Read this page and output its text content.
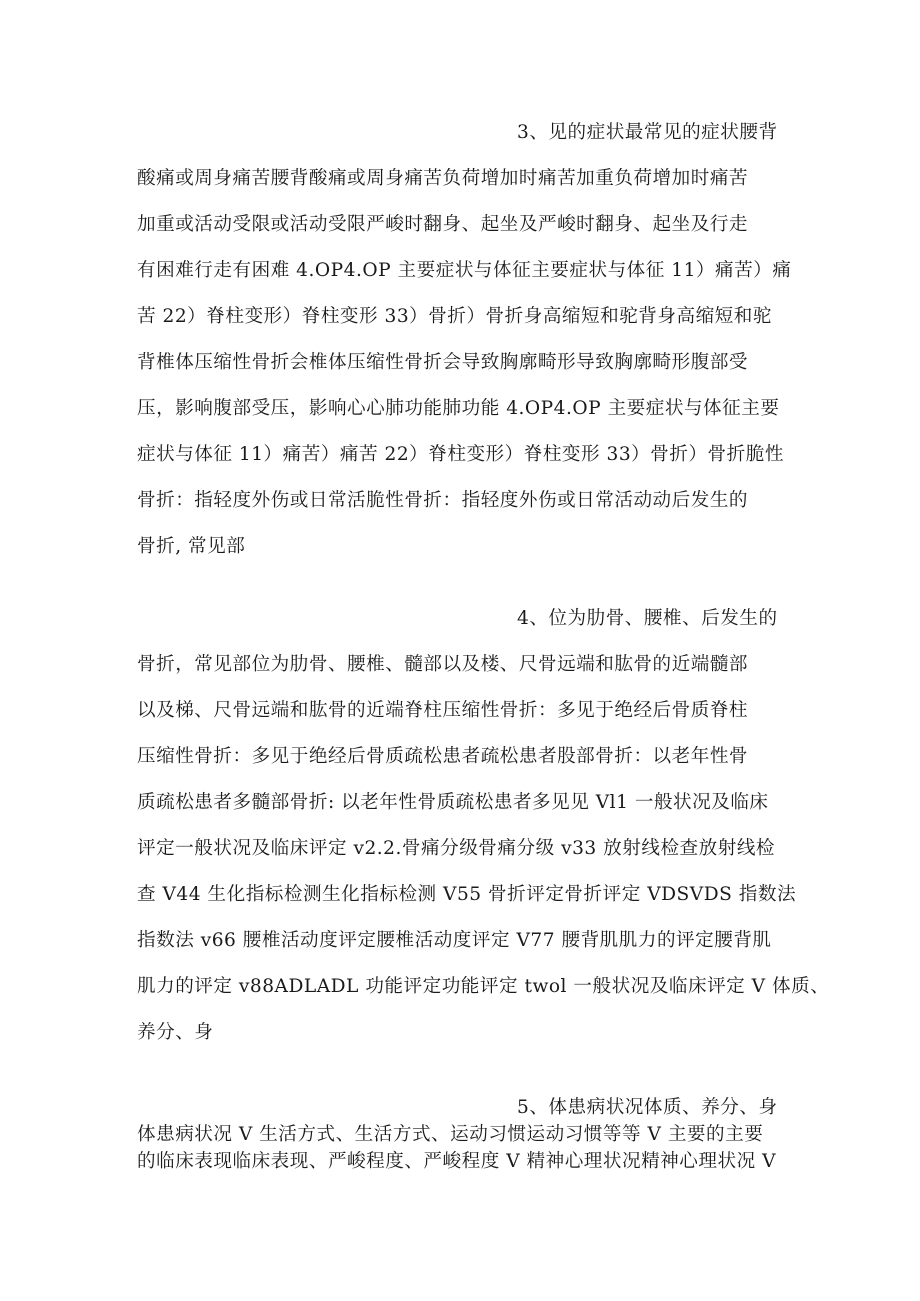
3、见的症状最常见的症状腰背
酸痛或周身痛苦腰背酸痛或周身痛苦负荷增加时痛苦加重负荷增加时痛苦
加重或活动受限或活动受限严峻时翻身、起坐及严峻时翻身、起坐及行走
有困难行走有困难 4.OP4.OP 主要症状与体征主要症状与体征 11）痛苦）痛
苦 22）脊柱变形）脊柱变形 33）骨折）骨折身高缩短和驼背身高缩短和驼
背椎体压缩性骨折会椎体压缩性骨折会导致胸廓畸形导致胸廓畸形腹部受
压，影响腹部受压，影响心心肺功能肺功能 4.OP4.OP 主要症状与体征主要
症状与体征 11）痛苦）痛苦 22）脊柱变形）脊柱变形 33）骨折）骨折脆性
骨折：指轻度外伤或日常活脆性骨折：指轻度外伤或日常活动动后发生的
骨折, 常见部
4、位为肋骨、腰椎、后发生的
骨折，常见部位为肋骨、腰椎、髓部以及楼、尺骨远端和肱骨的近端髓部
以及梯、尺骨远端和肱骨的近端脊柱压缩性骨折：多见于绝经后骨质脊柱
压缩性骨折：多见于绝经后骨质疏松患者疏松患者股部骨折：以老年性骨
质疏松患者多髓部骨折: 以老年性骨质疏松患者多见见 Vl1 一般状况及临床
评定一般状况及临床评定 v2.2.骨痛分级骨痛分级 v33 放射线检查放射线检
查 V44 生化指标检测生化指标检测 V55 骨折评定骨折评定 VDSVDS 指数法
指数法 v66 腰椎活动度评定腰椎活动度评定 V77 腰背肌肌力的评定腰背肌
肌力的评定 v88ADLADL 功能评定功能评定 twol 一般状况及临床评定 V 体质、
养分、身
5、体患病状况体质、养分、身
体患病状况 V 生活方式、生活方式、运动习惯运动习惯等等 V 主要的主要
的临床表现临床表现、严峻程度、严峻程度 V 精神心理状况精神心理状况 V
